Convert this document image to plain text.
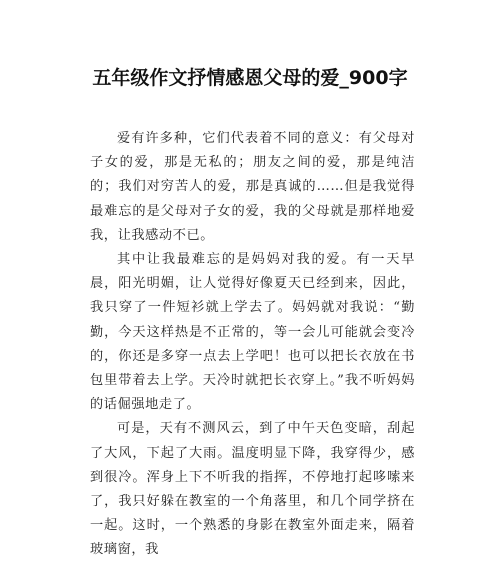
五年级作文抒情感恩父母的爱_900字

爱有许多种，它们代表着不同的意义：有父母对子女的爱，那是无私的；朋友之间的爱，那是纯洁的；我们对穷苦人的爱，那是真诚的……但是我觉得最难忘的是父母对子女的爱，我的父母就是那样地爱我，让我感动不已。

其中让我最难忘的是妈妈对我的爱。有一天早晨，阳光明媚，让人觉得好像夏天已经到来，因此，我只穿了一件短衫就上学去了。妈妈就对我说：“勤勤，今天这样热是不正常的，等一会儿可能就会变冷的，你还是多穿一点去上学吧！也可以把长衣放在书包里带着去上学。天冷时就把长衣穿上。”我不听妈妈的话倔强地走了。

可是，天有不测风云，到了中午天色变暗，刮起了大风，下起了大雨。温度明显下降，我穿得少，感到很冷。浑身上下不听我的指挥，不停地打起哆嗦来了，我只好躲在教室的一个角落里，和几个同学挤在一起。这时，一个熟悉的身影在教室外面走来，隔着玻璃窗，我
